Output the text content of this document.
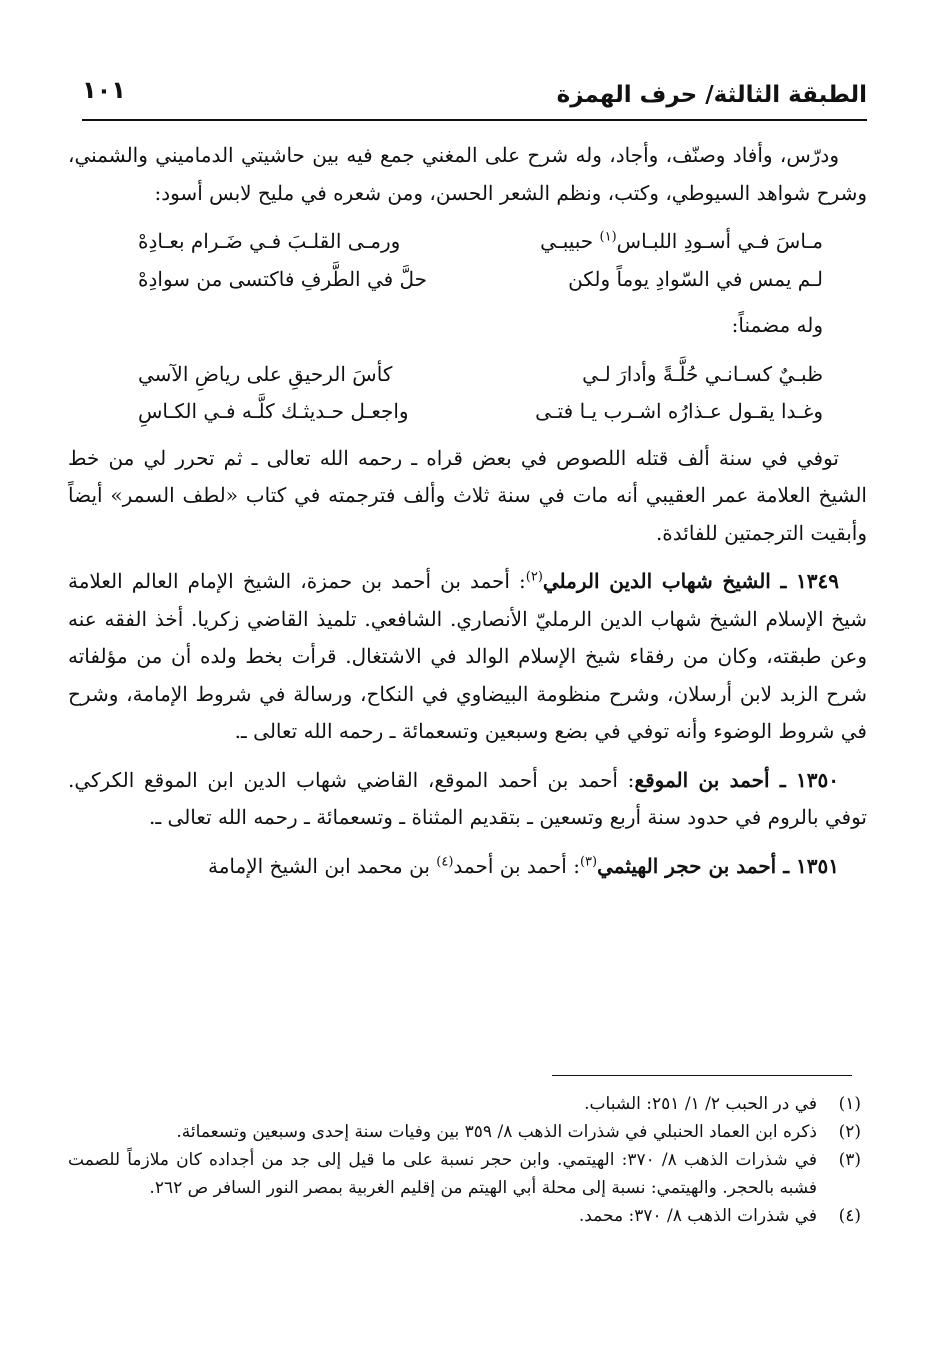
الطبقة الثالثة/ حرف الهمزة
١٠١

ودرّس، وأفاد وصنّف، وأجاد، وله شرح على المغني جمع فيه بين حاشيتي الدماميني والشمني، وشرح شواهد السيوطي، وكتب، ونظم الشعر الحسن، ومن شعره في مليح لابس أسود:

مـاسَ فـي أسـودِ اللبـاس$^{(١)}$ حبيبـي
ورمـى القلـبَ فـي ضَـرام بعـادِهْ
لـم يمس في السّوادِ يوماً ولكن
حلَّ في الطَّرفِ فاكتسى من سوادِهْ

وله مضمناً:

ظبـيٌ كسـانـي حُلَّـةً وأدارَ لـي
كأسَ الرحيقِ على رياضِ الآسي
وغـدا يقـول عـذارُه اشـرب يـا فتـى
واجعـل حـديثـك كلَّـه فـي الكـاسِ

توفي في سنة ألف قتله اللصوص في بعض قراه ـ رحمه الله تعالى ـ ثم تحرر لي من خط الشيخ العلامة عمر العقيبي أنه مات في سنة ثلاث وألف فترجمته في كتاب «لطف السمر» أيضاً وأبقيت الترجمتين للفائدة.

١٣٤٩ ـ الشيخ شهاب الدين الرملي$^{(٢)}$: أحمد بن أحمد بن حمزة، الشيخ الإمام العالم العلامة شيخ الإسلام الشيخ شهاب الدين الرمليّ الأنصاري. الشافعي. تلميذ القاضي زكريا. أخذ الفقه عنه وعن طبقته، وكان من رفقاء شيخ الإسلام الوالد في الاشتغال. قرأت بخط ولده أن من مؤلفاته شرح الزبد لابن أرسلان، وشرح منظومة البيضاوي في النكاح، ورسالة في شروط الإمامة، وشرح في شروط الوضوء وأنه توفي في بضع وسبعين وتسعمائة ـ رحمه الله تعالى ـ.

١٣٥٠ ـ أحمد بن الموقع: أحمد بن أحمد الموقع، القاضي شهاب الدين ابن الموقع الكركي. توفي بالروم في حدود سنة أربع وتسعين ـ بتقديم المثناة ـ وتسعمائة ـ رحمه الله تعالى ـ.

١٣٥١ ـ أحمد بن حجر الهيثمي$^{(٣)}$: أحمد بن أحمد$^{(٤)}$ بن محمد ابن الشيخ الإمامة

(١)
في در الحبب ٢/ ١/ ٢٥١: الشباب.
(٢)
ذكره ابن العماد الحنبلي في شذرات الذهب ٨/ ٣٥٩ بين وفيات سنة إحدى وسبعين وتسعمائة.
(٣)
في شذرات الذهب ٨/ ٣٧٠: الهيتمي. وابن حجر نسبة على ما قيل إلى جد من أجداده كان ملازماً للصمت فشبه بالحجر. والهيتمي: نسبة إلى محلة أبي الهيتم من إقليم الغربية بمصر النور السافر ص ٢٦٢.
(٤)
في شذرات الذهب ٨/ ٣٧٠: محمد.
